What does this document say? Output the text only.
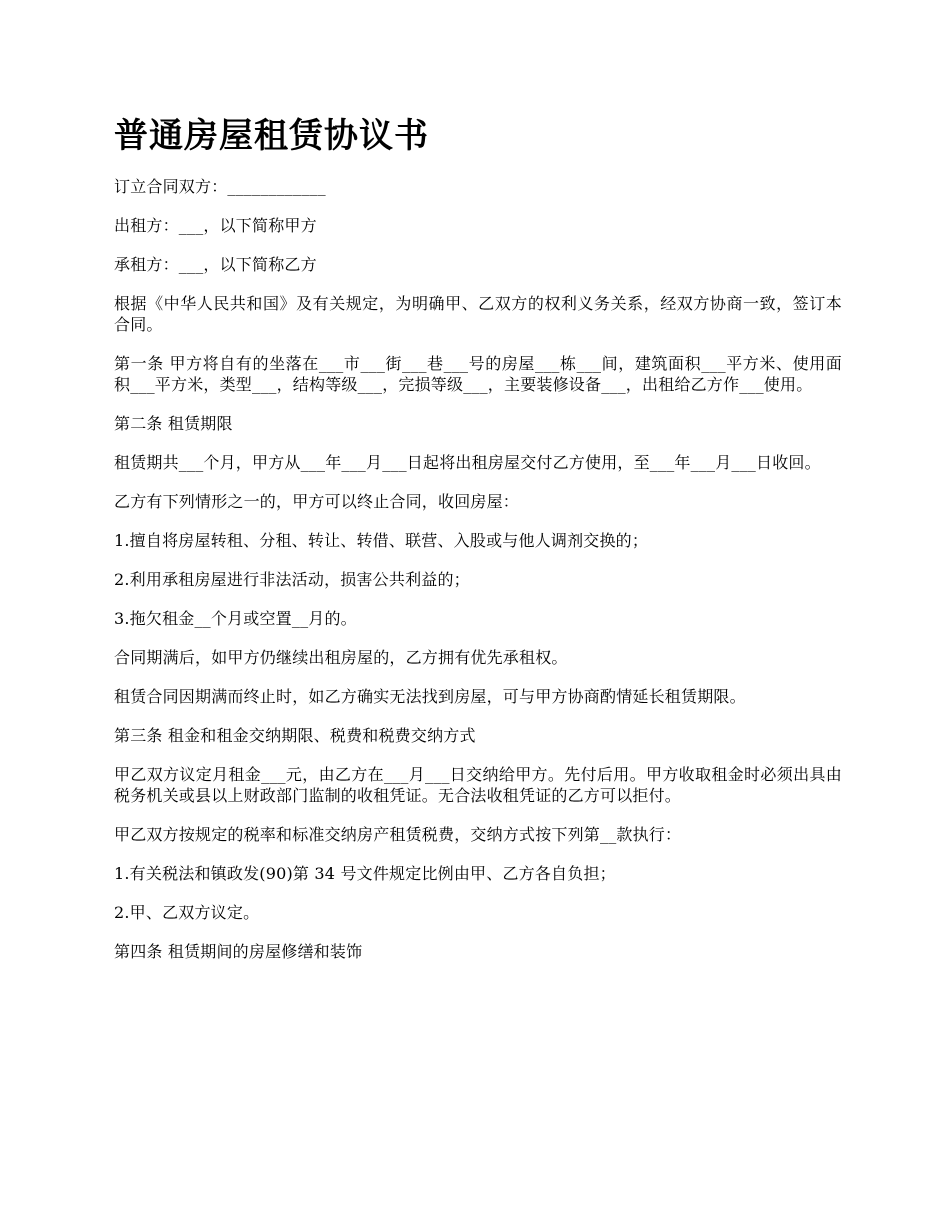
普通房屋租赁协议书

订立合同双方：____________

出租方：___，以下简称甲方

承租方：___，以下简称乙方

根据《中华人民共和国》及有关规定，为明确甲、乙双方的权利义务关系，经双方协商一致，签订本合同。

第一条 甲方将自有的坐落在___市___街___巷___号的房屋___栋___间，建筑面积___平方米、使用面积___平方米，类型___，结构等级___，完损等级___，主要装修设备___，出租给乙方作___使用。

第二条 租赁期限

租赁期共___个月，甲方从___年___月___日起将出租房屋交付乙方使用，至___年___月___日收回。

乙方有下列情形之一的，甲方可以终止合同，收回房屋：

1.擅自将房屋转租、分租、转让、转借、联营、入股或与他人调剂交换的；

2.利用承租房屋进行非法活动，损害公共利益的；

3.拖欠租金__个月或空置__月的。

合同期满后，如甲方仍继续出租房屋的，乙方拥有优先承租权。

租赁合同因期满而终止时，如乙方确实无法找到房屋，可与甲方协商酌情延长租赁期限。

第三条 租金和租金交纳期限、税费和税费交纳方式

甲乙双方议定月租金___元，由乙方在___月___日交纳给甲方。先付后用。甲方收取租金时必须出具由税务机关或县以上财政部门监制的收租凭证。无合法收租凭证的乙方可以拒付。

甲乙双方按规定的税率和标准交纳房产租赁税费，交纳方式按下列第__款执行：

1.有关税法和镇政发(90)第 34 号文件规定比例由甲、乙方各自负担；

2.甲、乙双方议定。

第四条 租赁期间的房屋修缮和装饰
